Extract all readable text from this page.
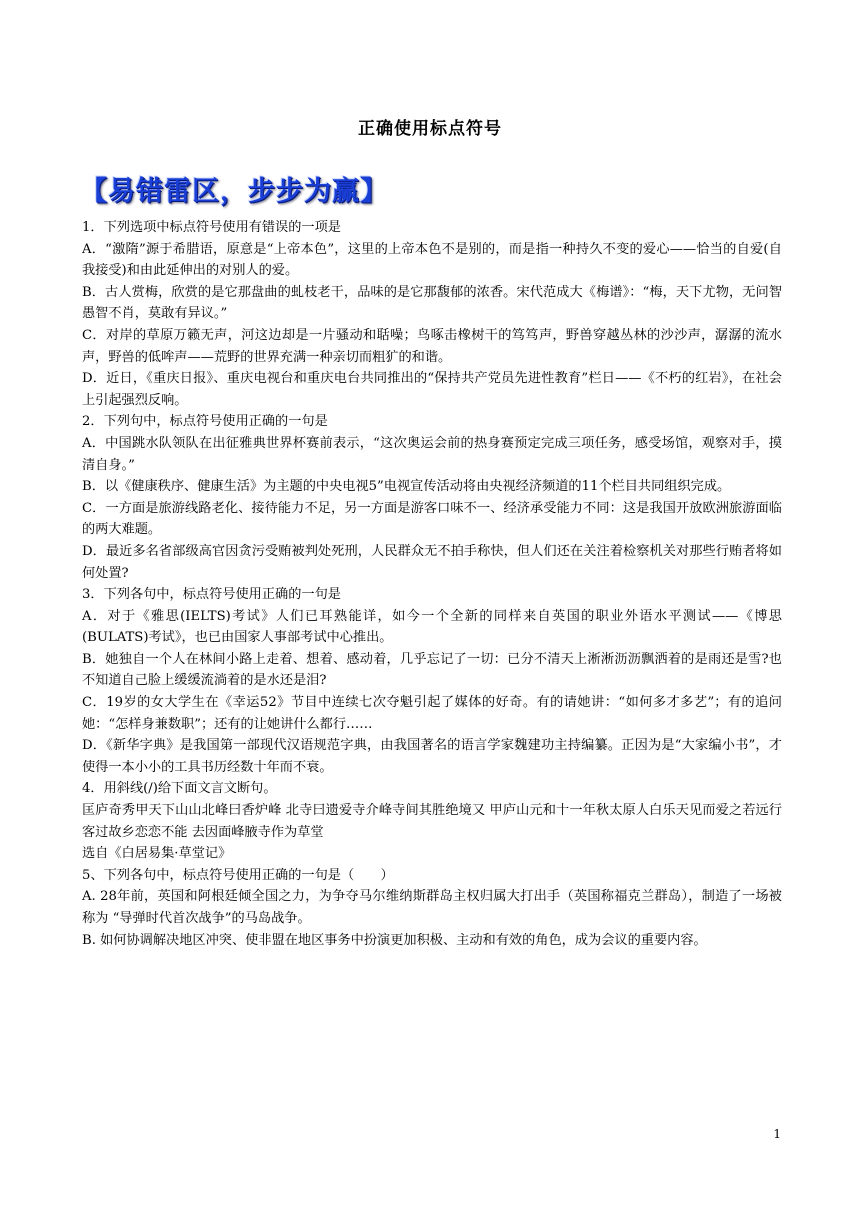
正确使用标点符号
【易错雷区，步步为赢】

1．下列选项中标点符号使用有错误的一项是

A．“激隋”源于希腊语，原意是“上帝本色”，这里的上帝本色不是别的，而是指一种持久不变的爱心——恰当的自爱(自我接受)和由此延伸出的对别人的爱。

B．古人赏梅，欣赏的是它那盘曲的虬枝老干，品味的是它那馥郁的浓香。宋代范成大《梅谱》：“梅，天下尤物，无问智愚智不肖，莫敢有异议。”

C．对岸的草原万籁无声，河这边却是一片骚动和聒噪；鸟啄击橡树干的笃笃声，野兽穿越丛林的沙沙声，潺潺的流水声，野兽的低哞声——荒野的世界充满一种亲切而粗犷的和谐。

D．近日，《重庆日报》、重庆电视台和重庆电台共同推出的“保持共产党员先进性教育”栏日——《不朽的红岩》，在社会上引起强烈反响。

2．下列句中，标点符号使用正确的一句是

A．中国跳水队领队在出征雅典世界杯赛前表示，“这次奥运会前的热身赛预定完成三项任务，感受场馆，观察对手，摸清自身。”

B．以《健康秩序、健康生活》为主题的中央电视5”电视宣传活动将由央视经济频道的11个栏目共同组织完成。

C．一方面是旅游线路老化、接待能力不足，另一方面是游客口味不一、经济承受能力不同：这是我国开放欧洲旅游面临的两大难题。

D．最近多名省部级高官因贪污受贿被判处死刑，人民群众无不拍手称快，但人们还在关注着检察机关对那些行贿者将如何处置?

3．下列各句中，标点符号使用正确的一句是

A．对于《雅思(IELTS)考试》人们已耳熟能详，如今一个全新的同样来自英国的职业外语水平测试——《博思(BULATS)考试》，也已由国家人事部考试中心推出。

B．她独自一个人在林间小路上走着、想着、感动着，几乎忘记了一切：已分不清天上淅淅沥沥飘洒着的是雨还是雪?也不知道自己脸上缓缓流淌着的是水还是泪?

C．19岁的女大学生在《幸运52》节目中连续七次夺魁引起了媒体的好奇。有的请她讲：“如何多才多艺”；有的追问她：“怎样身兼数职”；还有的让她讲什么都行……

D．《新华字典》是我国第一部现代汉语规范字典，由我国著名的语言学家魏建功主持编纂。正因为是“大家编小书”，才使得一本小小的工具书历经数十年而不衰。

4．用斜线(/)给下面文言文断句。

匡庐奇秀甲天下山山北峰曰香炉峰 北寺曰遗爱寺介峰寺间其胜绝境又 甲庐山元和十一年秋太原人白乐天见而爱之若远行客过故乡恋恋不能 去因面峰腋寺作为草堂

选自《白居易集·草堂记》

5、下列各句中，标点符号使用正确的一句是（　　）

A. 28年前，英国和阿根廷倾全国之力，为争夺马尔维纳斯群岛主权归属大打出手（英国称福克兰群岛），制造了一场被称为 “导弹时代首次战争”的马岛战争。

B. 如何协调解决地区冲突、使非盟在地区事务中扮演更加积极、主动和有效的角色，成为会议的重要内容。

1
